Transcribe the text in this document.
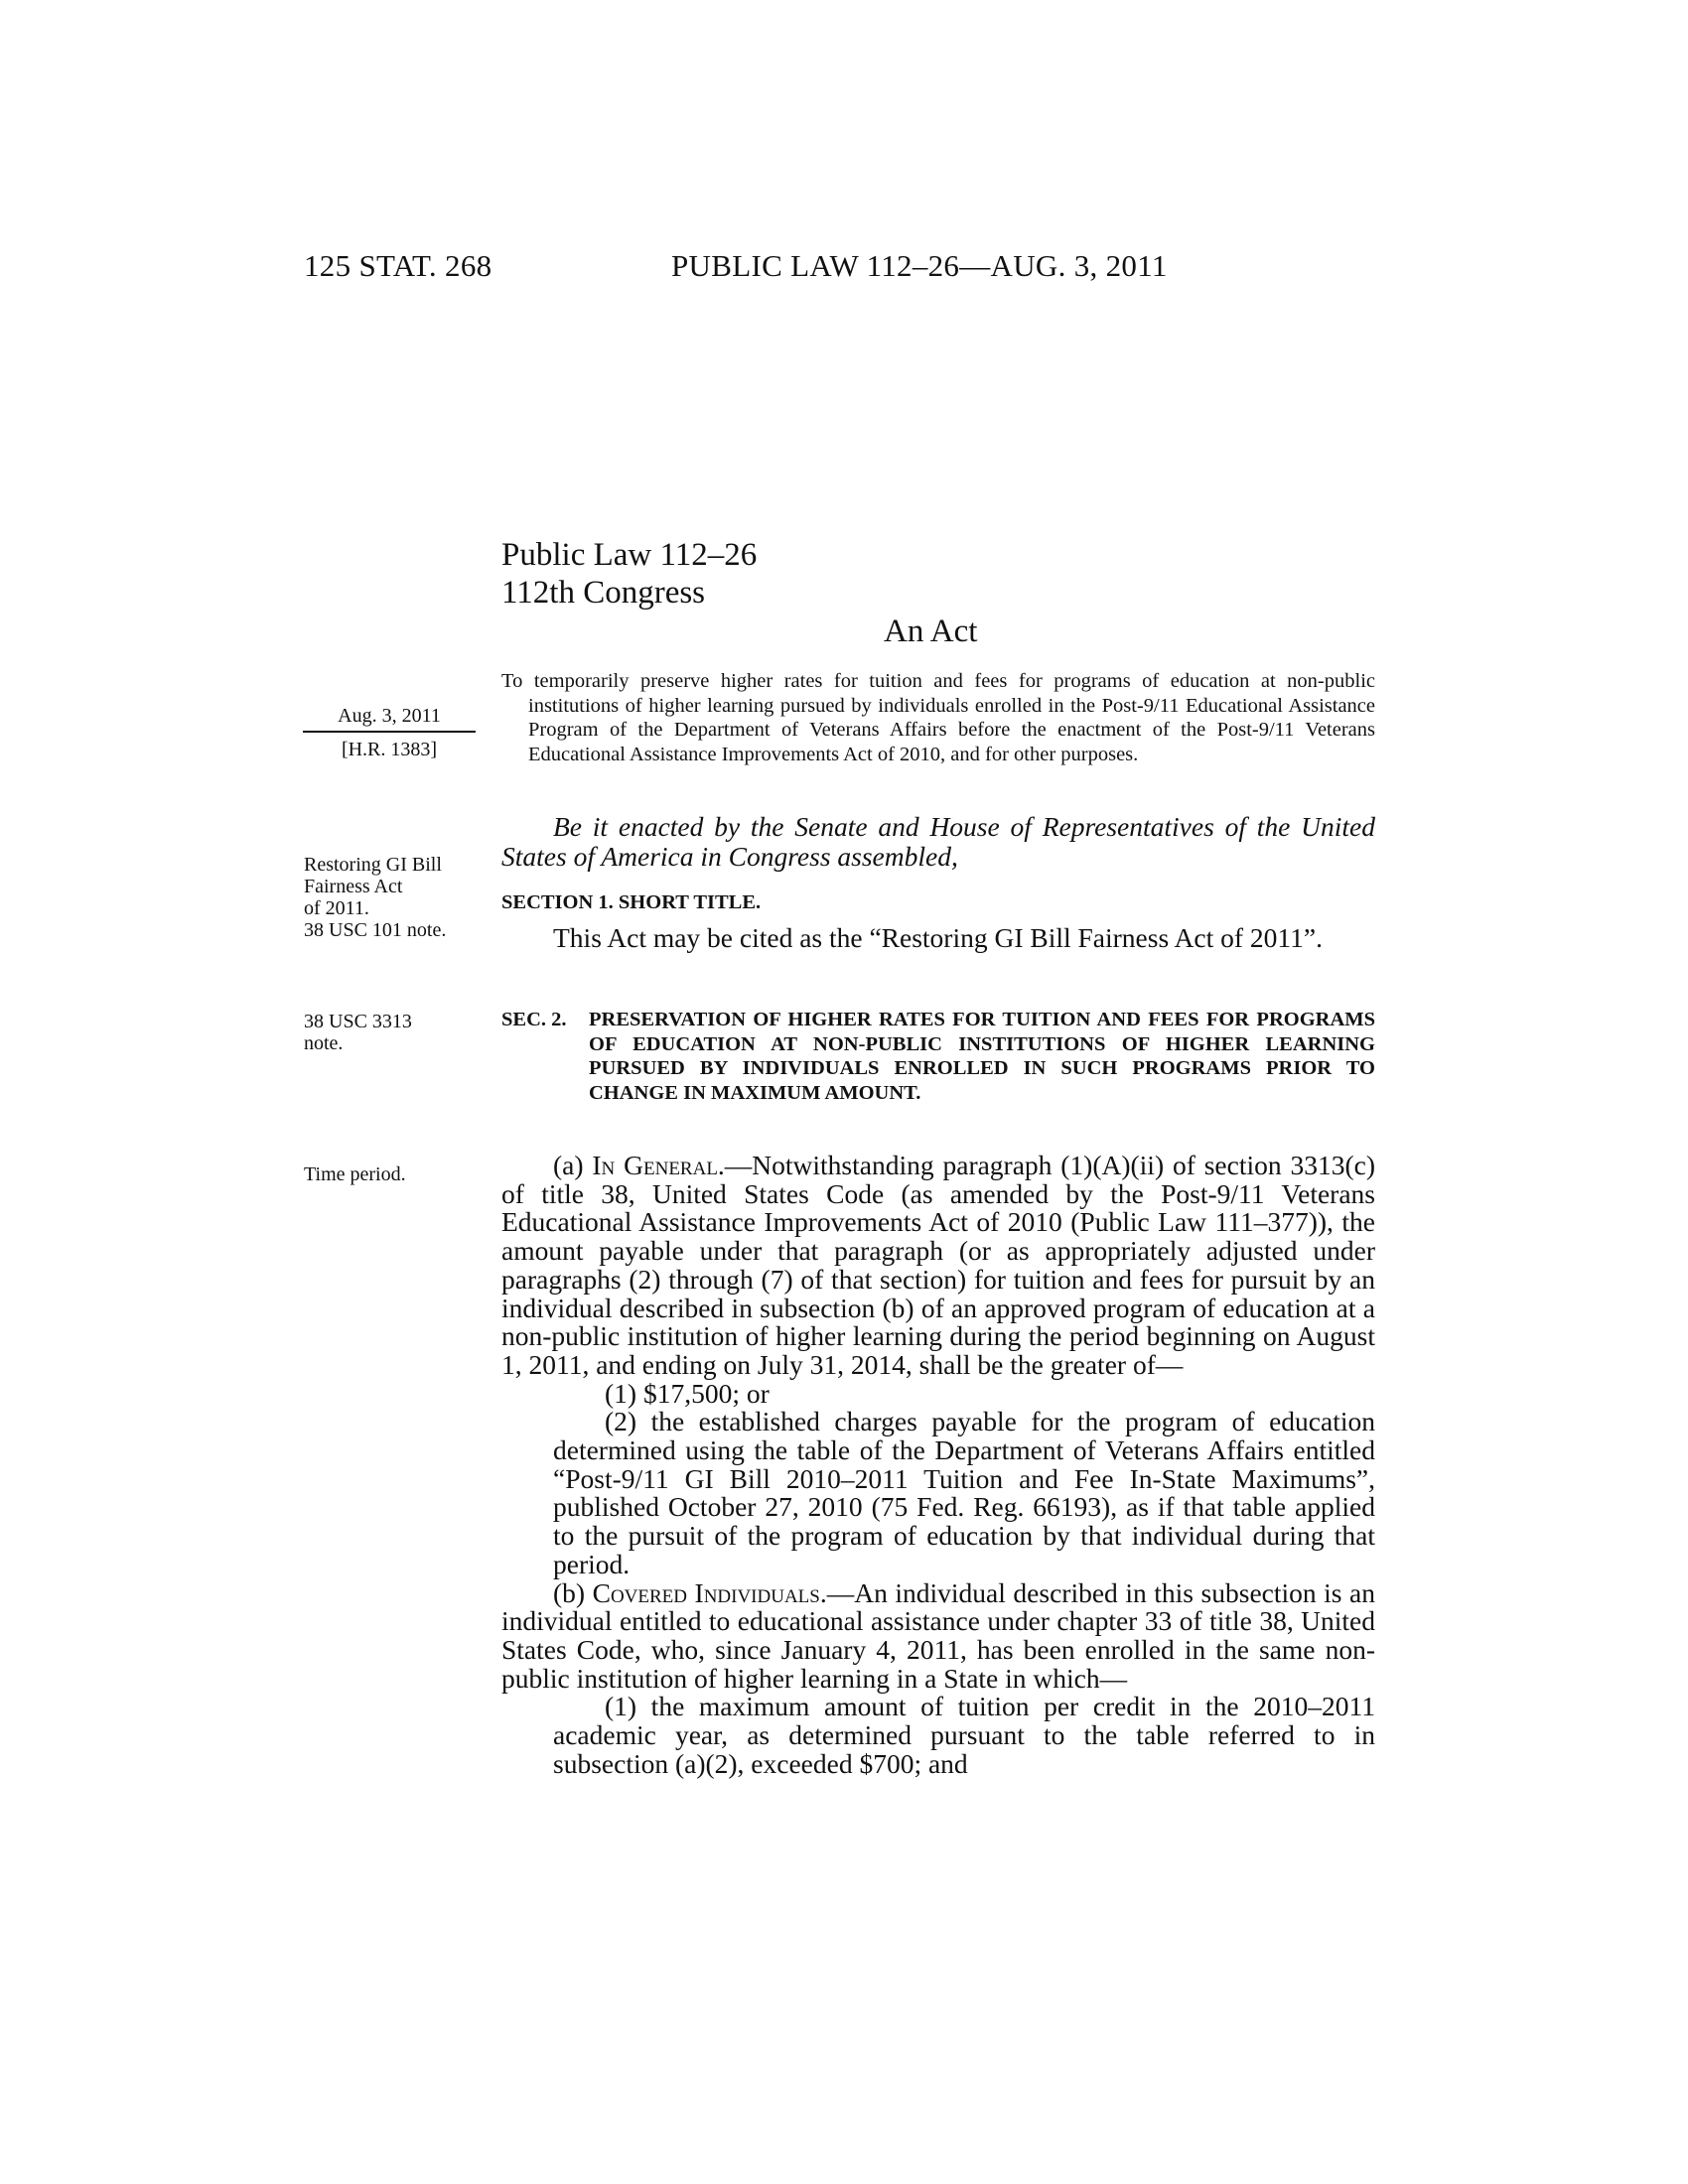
125 STAT. 268	PUBLIC LAW 112–26—AUG. 3, 2011
Public Law 112–26
112th Congress
An Act
Aug. 3, 2011
[H.R. 1383]
Restoring GI Bill
Fairness Act
of 2011.
38 USC 101 note.
38 USC 3313
note.
Time period.
To temporarily preserve higher rates for tuition and fees for programs of education at non-public institutions of higher learning pursued by individuals enrolled in the Post-9/11 Educational Assistance Program of the Department of Veterans Affairs before the enactment of the Post-9/11 Veterans Educational Assistance Improvements Act of 2010, and for other purposes.
Be it enacted by the Senate and House of Representatives of the United States of America in Congress assembled,
SECTION 1. SHORT TITLE.
This Act may be cited as the “Restoring GI Bill Fairness Act of 2011”.
SEC. 2.	PRESERVATION OF HIGHER RATES FOR TUITION AND FEES FOR PROGRAMS OF EDUCATION AT NON-PUBLIC INSTITUTIONS OF HIGHER LEARNING PURSUED BY INDIVIDUALS ENROLLED IN SUCH PROGRAMS PRIOR TO CHANGE IN MAXIMUM AMOUNT.

(a) In General.—Notwithstanding paragraph (1)(A)(ii) of section 3313(c) of title 38, United States Code (as amended by the Post-9/11 Veterans Educational Assistance Improvements Act of 2010 (Public Law 111–377)), the amount payable under that paragraph (or as appropriately adjusted under paragraphs (2) through (7) of that section) for tuition and fees for pursuit by an individual described in subsection (b) of an approved program of education at a non-public institution of higher learning during the period beginning on August 1, 2011, and ending on July 31, 2014, shall be the greater of—

(1) $17,500; or

(2) the established charges payable for the program of education determined using the table of the Department of Veterans Affairs entitled “Post-9/11 GI Bill 2010–2011 Tuition and Fee In-State Maximums”, published October 27, 2010 (75 Fed. Reg. 66193), as if that table applied to the pursuit of the program of education by that individual during that period.

(b) Covered Individuals.—An individual described in this subsection is an individual entitled to educational assistance under chapter 33 of title 38, United States Code, who, since January 4, 2011, has been enrolled in the same non-public institution of higher learning in a State in which—

(1) the maximum amount of tuition per credit in the 2010–2011 academic year, as determined pursuant to the table referred to in subsection (a)(2), exceeded $700; and
